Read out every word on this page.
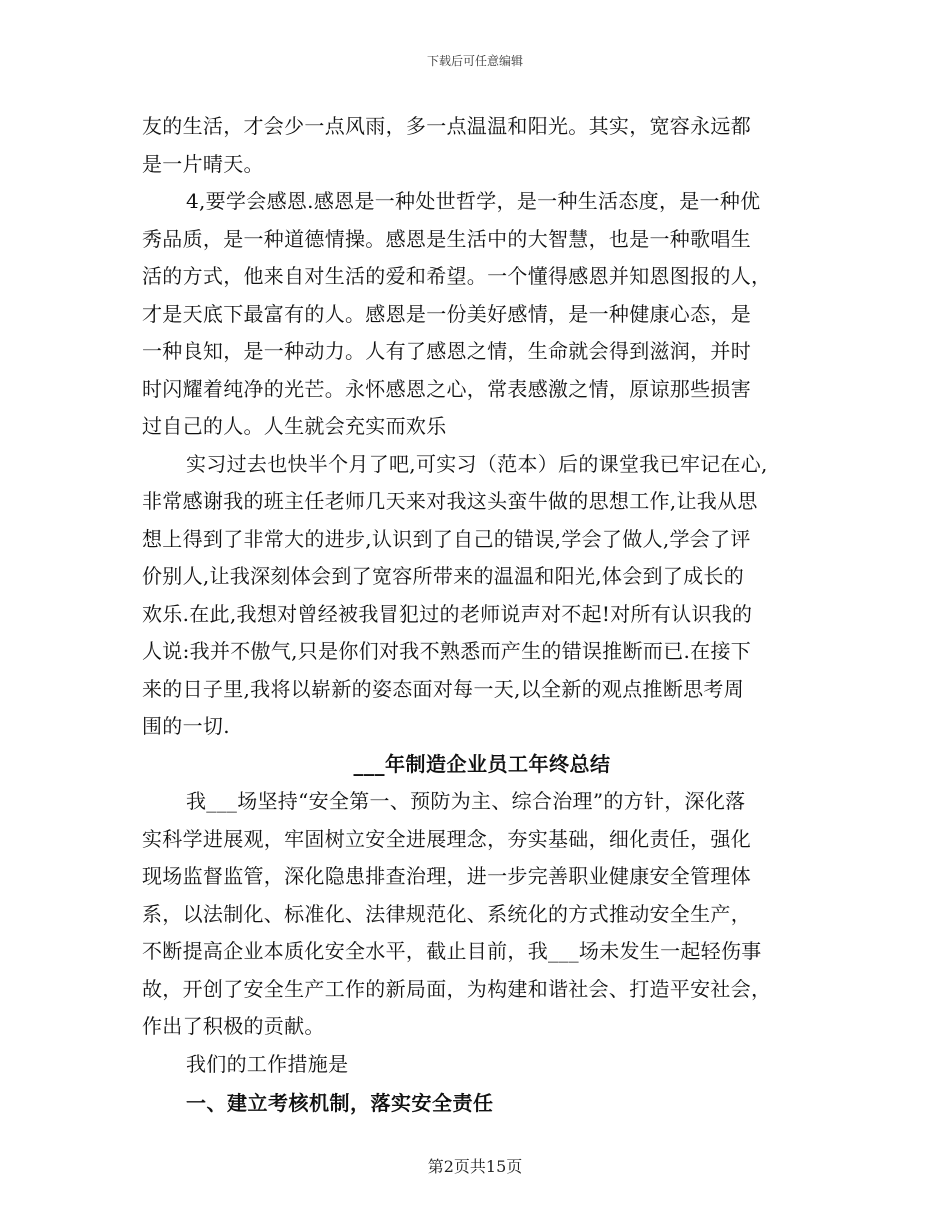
下载后可任意编辑
友的生活，才会少一点风雨，多一点温温和阳光。其实，宽容永远都
是一片晴天。
4,要学会感恩.感恩是一种处世哲学，是一种生活态度，是一种优
秀品质，是一种道德情操。感恩是生活中的大智慧，也是一种歌唱生
活的方式，他来自对生活的爱和希望。一个懂得感恩并知恩图报的人，
才是天底下最富有的人。感恩是一份美好感情，是一种健康心态，是
一种良知，是一种动力。人有了感恩之情，生命就会得到滋润，并时
时闪耀着纯净的光芒。永怀感恩之心，常表感激之情，原谅那些损害
过自己的人。人生就会充实而欢乐
实习过去也快半个月了吧,可实习（范本）后的课堂我已牢记在心,
非常感谢我的班主任老师几天来对我这头蛮牛做的思想工作,让我从思
想上得到了非常大的进步,认识到了自己的错误,学会了做人,学会了评
价别人,让我深刻体会到了宽容所带来的温温和阳光,体会到了成长的
欢乐.在此,我想对曾经被我冒犯过的老师说声对不起!对所有认识我的
人说:我并不傲气,只是你们对我不熟悉而产生的错误推断而已.在接下
来的日子里,我将以崭新的姿态面对每一天,以全新的观点推断思考周
围的一切.
___年制造企业员工年终总结
我___场坚持“安全第一、预防为主、综合治理”的方针，深化落
实科学进展观，牢固树立安全进展理念，夯实基础，细化责任，强化
现场监督监管，深化隐患排查治理，进一步完善职业健康安全管理体
系，以法制化、标准化、法律规范化、系统化的方式推动安全生产，
不断提高企业本质化安全水平，截止目前，我___场未发生一起轻伤事
故，开创了安全生产工作的新局面，为构建和谐社会、打造平安社会，
作出了积极的贡献。
我们的工作措施是
一、建立考核机制，落实安全责任
第2页共15页
